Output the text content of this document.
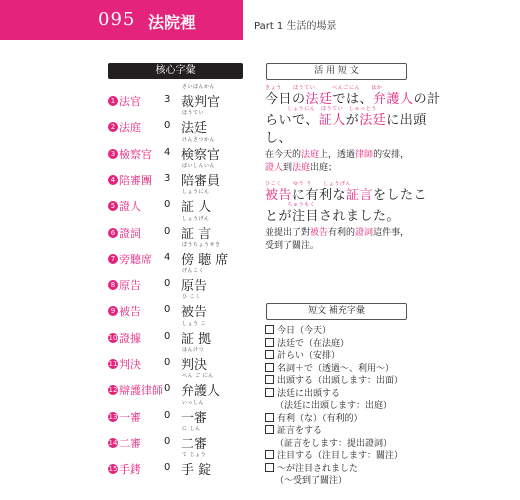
095 法院裡	Part 1 生活的場景
核心字彙
1 法官 3
さいばんかん
裁判官
2 法庭 0
ほうてい
法廷
3 檢察官 4
けんさつかん
検察官
4 陪審團 3
ばいしんいん
陪審員
5 證人 0
しょうにん
証 人
6 證詞 0
しょうげん
証 言
7 旁聽席 4
ぼうちょうせき
傍 聴 席
8 原告 0
げんこく
原告
9 被告 0
ひ こく
被告
10 證據 0
しょう こ
証 拠
11 判決 0
はんけつ
判決
12 辯護律師 0
べん ご にん
弁護人
13 一審 0
いっしん
一審
14 二審 0
に しん
二審
15 手銬 0
て じょう
手 錠
活 用 短 文
きょう　　ほうてい　　　べんごにん　　はか
今日の法廷では、弁護人の計
　　　　しょうにん　ほうてい　しゅっとう
らいで、証人が法廷に出頭
し、
在今天的法庭上，透過律師的安排，
證人到法庭出庭；
ひこく　　ゆう り　　しょうげん
被告に有利な証言をしたこ
　　　　ちゅうもく
とが注目されました。
並提出了對被告有利的證詞這件事，
受到了關注。
短文 補充字彙
今日（今天）
法廷で（在法庭）
計らい（安排）
名詞＋で（透過～、利用～）
出頭する（出頭します：出面）
法廷に出頭する
（法廷に出頭します：出庭）
有利（な）（有利的）
証言をする
（証言をします：提出證詞）
注目する（注目します：關注）
～が注目されました
（～受到了關注）
